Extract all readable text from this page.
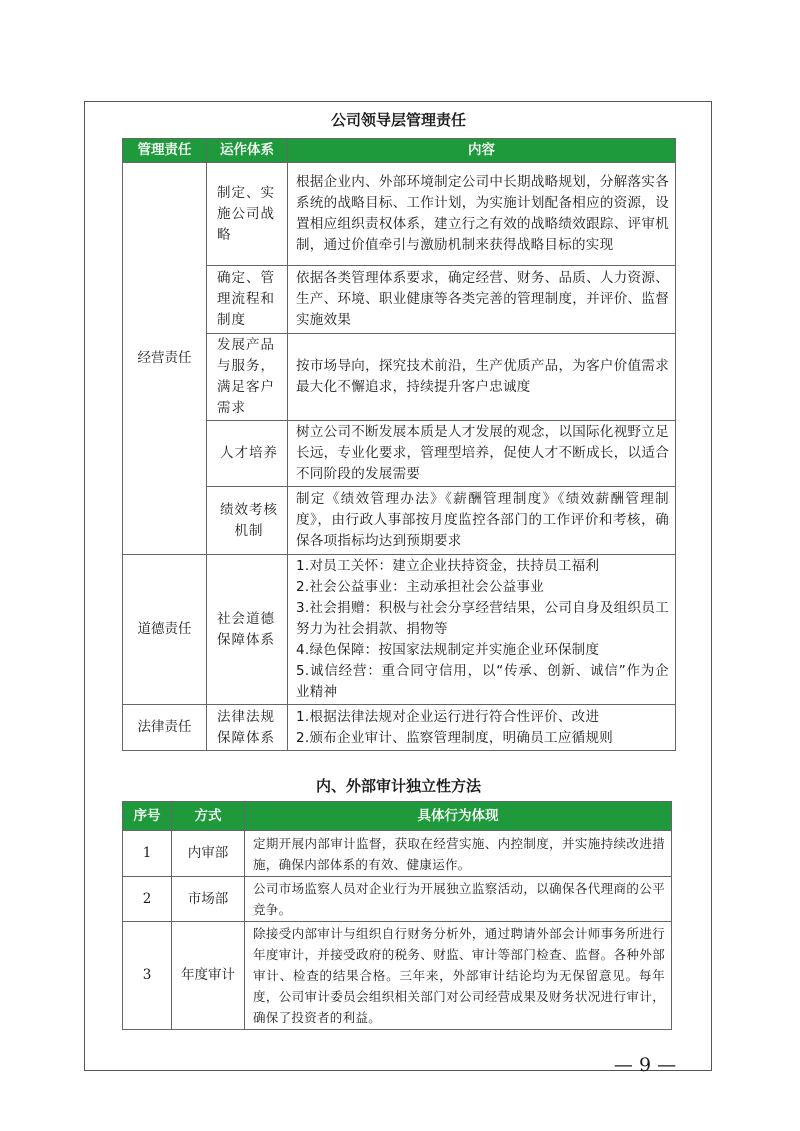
公司领导层管理责任
管理责任	运作体系	内容
经营责任	制定、实施公司战略	根据企业内、外部环境制定公司中长期战略规划，分解落实各系统的战略目标、工作计划，为实施计划配备相应的资源，设置相应组织责权体系，建立行之有效的战略绩效跟踪、评审机制，通过价值牵引与激励机制来获得战略目标的实现
	确定、管理流程和制度	依据各类管理体系要求，确定经营、财务、品质、人力资源、生产、环境、职业健康等各类完善的管理制度，并评价、监督实施效果
	发展产品与服务，满足客户需求	按市场导向，探究技术前沿，生产优质产品，为客户价值需求最大化不懈追求，持续提升客户忠诚度
	人才培养	树立公司不断发展本质是人才发展的观念，以国际化视野立足长远，专业化要求，管理型培养，促使人才不断成长，以适合不同阶段的发展需要
	绩效考核机制	制定《绩效管理办法》《薪酬管理制度》《绩效薪酬管理制度》，由行政人事部按月度监控各部门的工作评价和考核，确保各项指标均达到预期要求
道德责任	社会道德保障体系	1.对员工关怀：建立企业扶持资金，扶持员工福利
2.社会公益事业：主动承担社会公益事业
3.社会捐赠：积极与社会分享经营结果，公司自身及组织员工努力为社会捐款、捐物等
4.绿色保障：按国家法规制定并实施企业环保制度
5.诚信经营：重合同守信用，以“传承、创新、诚信”作为企业精神

法律责任	法律法规保障体系	1.根据法律法规对企业运行进行符合性评价、改进
2.颁布企业审计、监察管理制度，明确员工应循规则
内、外部审计独立性方法
序号	方式	具体行为体现
1	内审部	定期开展内部审计监督，获取在经营实施、内控制度，并实施持续改进措施，确保内部体系的有效、健康运作。
2	市场部	公司市场监察人员对企业行为开展独立监察活动，以确保各代理商的公平竞争。
3	年度审计	除接受内部审计与组织自行财务分析外，通过聘请外部会计师事务所进行年度审计，并接受政府的税务、财监、审计等部门检查、监督。各种外部审计、检查的结果合格。三年来，外部审计结论均为无保留意见。每年度，公司审计委员会组织相关部门对公司经营成果及财务状况进行审计，确保了投资者的利益。
— 9 —
